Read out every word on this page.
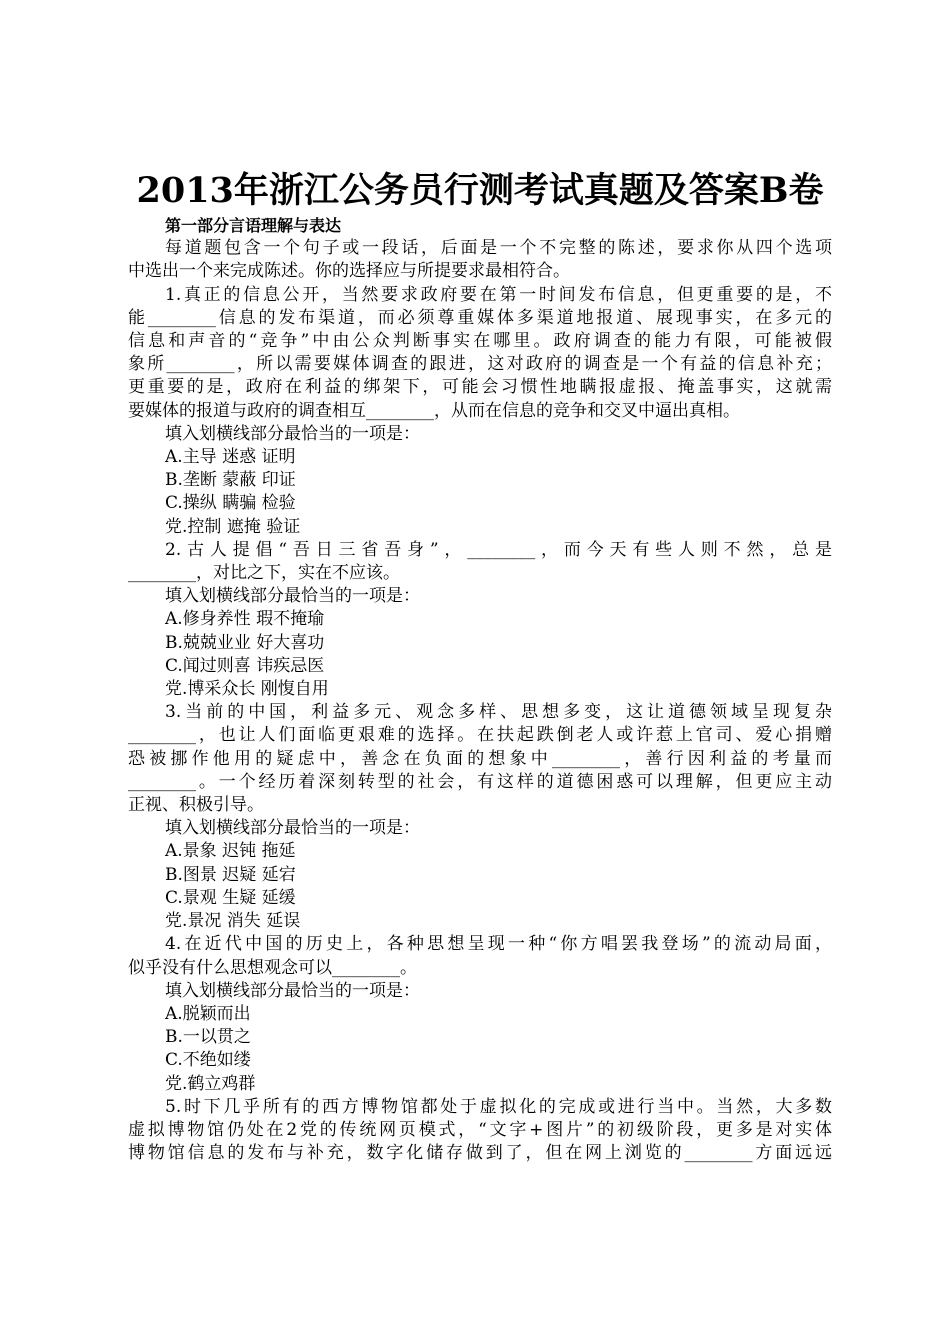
2013年浙江公务员行测考试真题及答案B卷
第一部分言语理解与表达
每道题包含一个句子或一段话，后面是一个不完整的陈述，要求你从四个选项
中选出一个来完成陈述。你的选择应与所提要求最相符合。
1.真正的信息公开，当然要求政府要在第一时间发布信息，但更重要的是，不
能________信息的发布渠道，而必须尊重媒体多渠道地报道、展现事实，在多元的
信息和声音的“竞争”中由公众判断事实在哪里。政府调查的能力有限，可能被假
象所________，所以需要媒体调查的跟进，这对政府的调查是一个有益的信息补充；
更重要的是，政府在利益的绑架下，可能会习惯性地瞒报虚报、掩盖事实，这就需
要媒体的报道与政府的调查相互________，从而在信息的竞争和交叉中逼出真相。
填入划横线部分最恰当的一项是：
A.主导 迷惑 证明
B.垄断 蒙蔽 印证
C.操纵 瞒骗 检验
党.控制 遮掩 验证
2.古人提倡“吾日三省吾身”，________，而今天有些人则不然，总是
________，对比之下，实在不应该。
填入划横线部分最恰当的一项是：
A.修身养性 瑕不掩瑜
B.兢兢业业 好大喜功
C.闻过则喜 讳疾忌医
党.博采众长 刚愎自用
3.当前的中国，利益多元、观念多样、思想多变，这让道德领域呈现复杂
________，也让人们面临更艰难的选择。在扶起跌倒老人或许惹上官司、爱心捐赠
恐被挪作他用的疑虑中，善念在负面的想象中________，善行因利益的考量而
________。一个经历着深刻转型的社会，有这样的道德困惑可以理解，但更应主动
正视、积极引导。
填入划横线部分最恰当的一项是：
A.景象 迟钝 拖延
B.图景 迟疑 延宕
C.景观 生疑 延缓
党.景况 消失 延误
4.在近代中国的历史上，各种思想呈现一种“你方唱罢我登场”的流动局面，
似乎没有什么思想观念可以________。
填入划横线部分最恰当的一项是：
A.脱颖而出
B.一以贯之
C.不绝如缕
党.鹤立鸡群
5.时下几乎所有的西方博物馆都处于虚拟化的完成或进行当中。当然，大多数
虚拟博物馆仍处在2党的传统网页模式，“文字+图片”的初级阶段，更多是对实体
博物馆信息的发布与补充，数字化储存做到了，但在网上浏览的________方面远远
